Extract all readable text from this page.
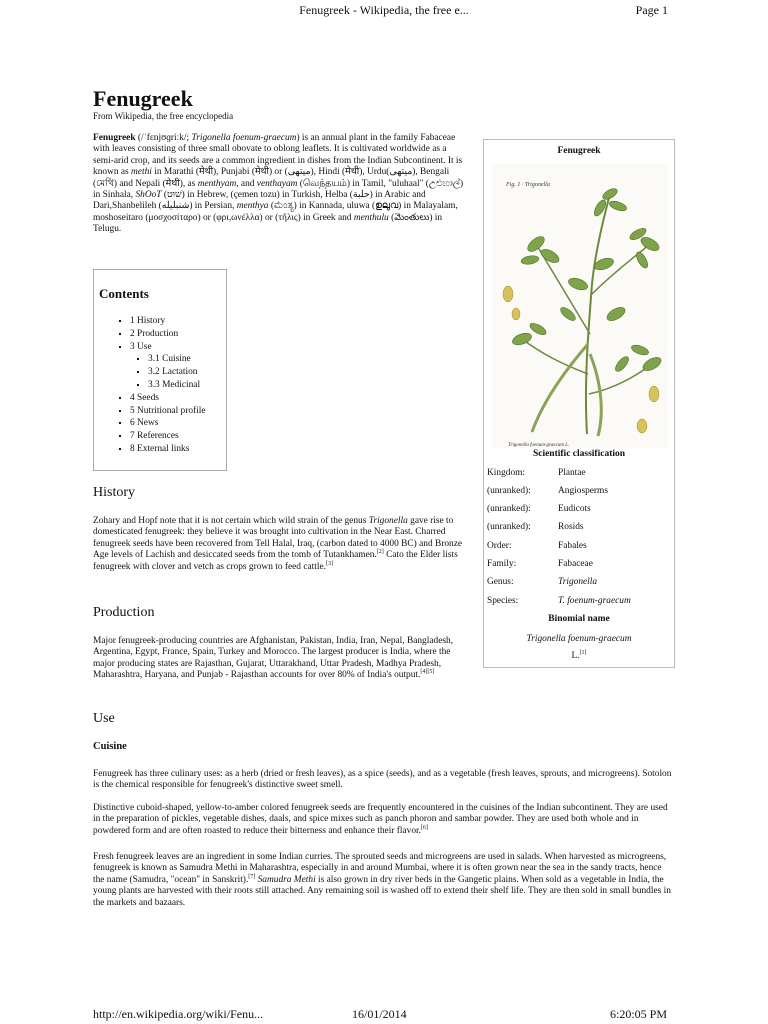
Fenugreek - Wikipedia, the free e...	Page 1
http://en.wikipedia.org/wiki/Fenu...	16/01/2014	6:20:05 PM
Fenugreek
From Wikipedia, the free encyclopedia

Fenugreek (/ˈfɛnjʊɡriːk/; Trigonella foenum-graecum) is an annual plant in the family Fabaceae with leaves consisting of three small obovate to oblong leaflets. It is cultivated worldwide as a semi-arid crop, and its seeds are a common ingredient in dishes from the Indian Subcontinent. It is known as methi in Marathi (मेथी), Punjabi (मेथी) or (ميتهی), Hindi (मेथी), Urdu(میتھی), Bengali (মেথি) and Nepali (मेथी), as menthyam, and venthayam (வெந்தயம்) in Tamil, "uluhaal" (උළුහාල්) in Sinhala, ShOoT (שׁוּט) in Hebrew, (çemen tozu) in Turkish, Helba (حلبة) in Arabic and Dari,Shanbelileh (شنبلیله) in Persian, menthya (ಮೆಂತ್ಯ) in Kannada, uluwa (ഉലുവ) in Malayalam, moshoseitaro (μοσχοσίταρο) or (φρι,ωνέλλα) or (τῆλις) in Greek and menthulu (మెంతులు) in Telugu.

Contents
▪ 1 History
▪ 2 Production
▪ 3 Use
▪ 3.1 Cuisine
▪ 3.2 Lactation
▪ 3.3 Medicinal
▪ 4 Seeds
▪ 5 Nutritional profile
▪ 6 News
▪ 7 References
▪ 8 External links
History

Zohary and Hopf note that it is not certain which wild strain of the genus Trigonella gave rise to domesticated fenugreek: they believe it was brought into cultivation in the Near East. Charred fenugreek seeds have been recovered from Tell Halal, Iraq, (carbon dated to 4000 BC) and Bronze Age levels of Lachish and desiccated seeds from the tomb of Tutankhamen.[2] Cato the Elder lists fenugreek with clover and vetch as crops grown to feed cattle.[3]

Production

Major fenugreek-producing countries are Afghanistan, Pakistan, India, Iran, Nepal, Bangladesh, Argentina, Egypt, France, Spain, Turkey and Morocco. The largest producer is India, where the major producing states are Rajasthan, Gujarat, Uttarakhand, Uttar Pradesh, Madhya Pradesh, Maharashtra, Haryana, and Punjab - Rajasthan accounts for over 80% of India's output.[4][5]

Use
Cuisine

Fenugreek has three culinary uses: as a herb (dried or fresh leaves), as a spice (seeds), and as a vegetable (fresh leaves, sprouts, and microgreens). Sotolon is the chemical responsible for fenugreek's distinctive sweet smell.

Distinctive cuboid-shaped, yellow-to-amber colored fenugreek seeds are frequently encountered in the cuisines of the Indian subcontinent. They are used in the preparation of pickles, vegetable dishes, daals, and spice mixes such as panch phoron and sambar powder. They are used both whole and in powdered form and are often roasted to reduce their bitterness and enhance their flavor.[6]

Fresh fenugreek leaves are an ingredient in some Indian curries. The sprouted seeds and microgreens are used in salads. When harvested as microgreens, fenugreek is known as Samudra Methi in Maharashtra, especially in and around Mumbai, where it is often grown near the sea in the sandy tracts, hence the name (Samudra, "ocean" in Sanskrit).[7] Samudra Methi is also grown in dry river beds in the Gangetic plains. When sold as a vegetable in India, the young plants are harvested with their roots still attached. Any remaining soil is washed off to extend their shelf life. They are then sold in small bundles in the markets and bazaars.

Fenugreek
Fig. 1 · Trigonella
Trigonella foenum-graecum L.
Scientific classification
Kingdom:	Plantae
(unranked):	Angiosperms
(unranked):	Eudicots
(unranked):	Rosids
Order:	Fabales
Family:	Fabaceae
Genus:	Trigonella
Species:	T. foenum-graecum
Binomial name
Trigonella foenum-graecum
L.[1]
